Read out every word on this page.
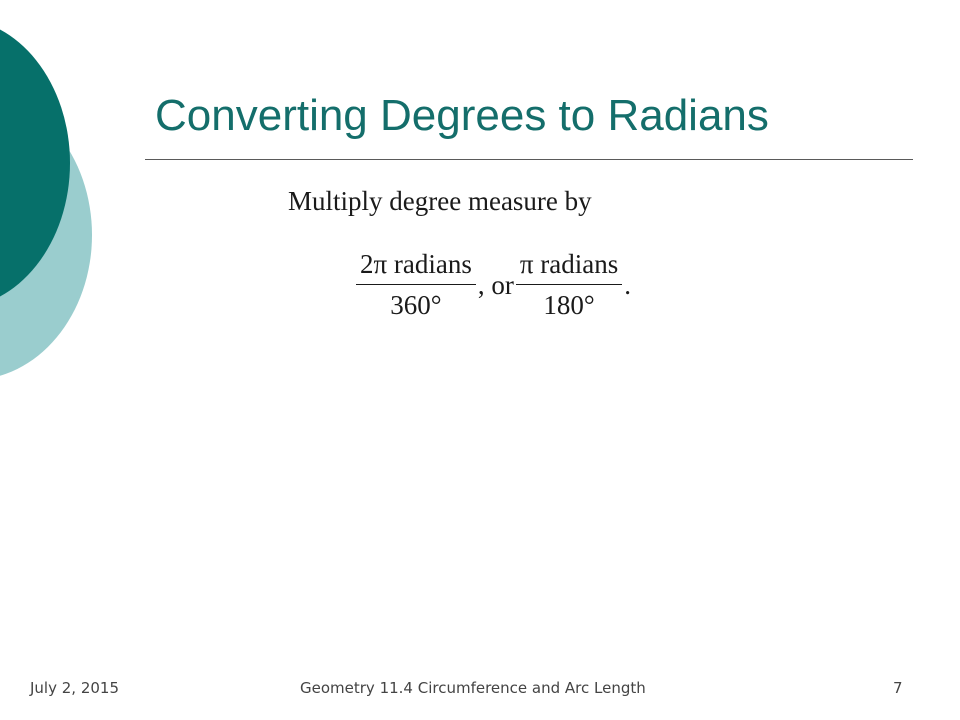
Converting Degrees to Radians
Multiply degree measure by
$\frac{\text{2π radians}}{360^\circ}$ , or $\frac{\text{π radians}}{180^\circ}$ .
July 2, 2015	Geometry 11.4 Circumference and Arc Length	7
